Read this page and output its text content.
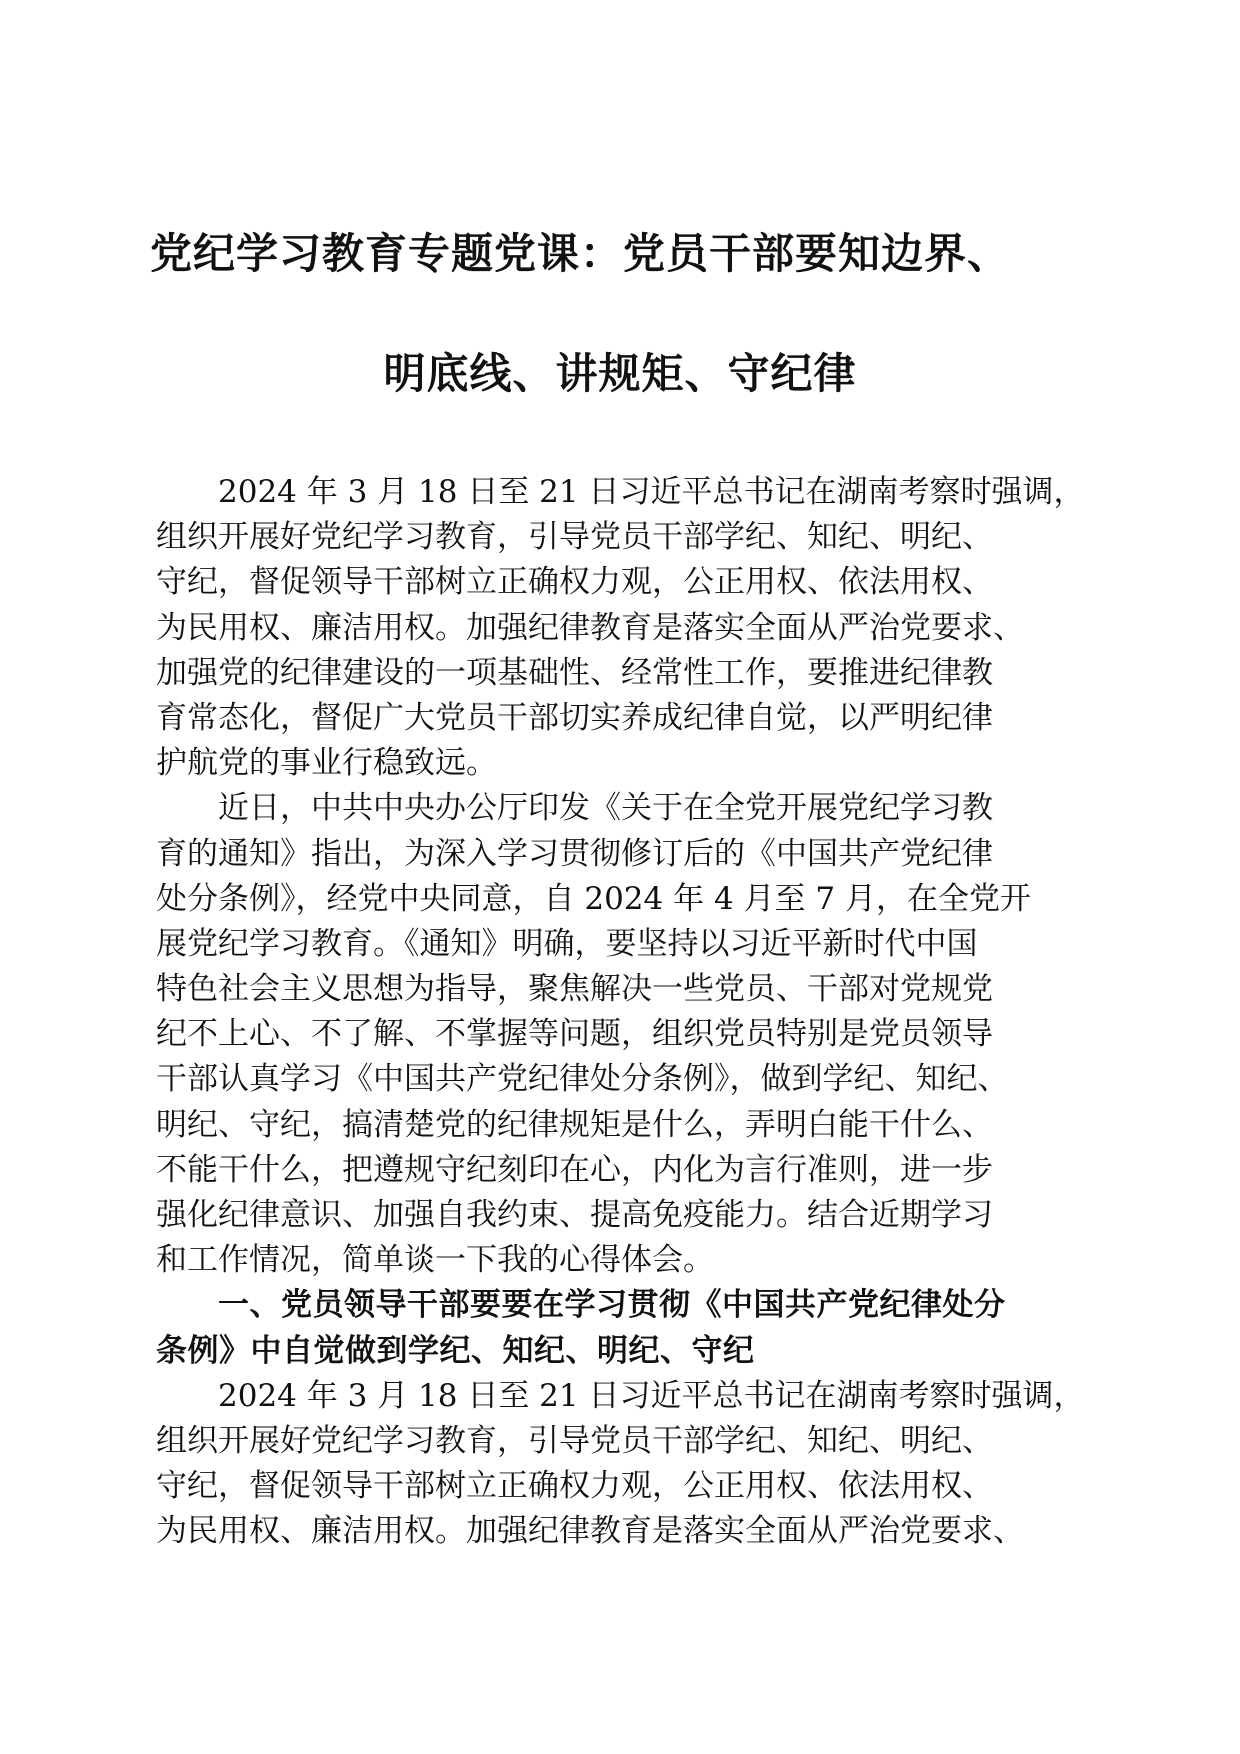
党纪学习教育专题党课：党员干部要知边界、
明底线、讲规矩、守纪律
2024 年 3 月 18 日至 21 日习近平总书记在湖南考察时强调，
组织开展好党纪学习教育，引导党员干部学纪、知纪、明纪、
守纪，督促领导干部树立正确权力观，公正用权、依法用权、
为民用权、廉洁用权。加强纪律教育是落实全面从严治党要求、
加强党的纪律建设的一项基础性、经常性工作，要推进纪律教
育常态化，督促广大党员干部切实养成纪律自觉，以严明纪律
护航党的事业行稳致远。
近日，中共中央办公厅印发《关于在全党开展党纪学习教
育的通知》指出，为深入学习贯彻修订后的《中国共产党纪律
处分条例》，经党中央同意，自 2024 年 4 月至 7 月，在全党开
展党纪学习教育。《通知》明确，要坚持以习近平新时代中国
特色社会主义思想为指导，聚焦解决一些党员、干部对党规党
纪不上心、不了解、不掌握等问题，组织党员特别是党员领导
干部认真学习《中国共产党纪律处分条例》，做到学纪、知纪、
明纪、守纪，搞清楚党的纪律规矩是什么，弄明白能干什么、
不能干什么，把遵规守纪刻印在心，内化为言行准则，进一步
强化纪律意识、加强自我约束、提高免疫能力。结合近期学习
和工作情况，简单谈一下我的心得体会。
一、党员领导干部要要在学习贯彻《中国共产党纪律处分
条例》中自觉做到学纪、知纪、明纪、守纪
2024 年 3 月 18 日至 21 日习近平总书记在湖南考察时强调，
组织开展好党纪学习教育，引导党员干部学纪、知纪、明纪、
守纪，督促领导干部树立正确权力观，公正用权、依法用权、
为民用权、廉洁用权。加强纪律教育是落实全面从严治党要求、
